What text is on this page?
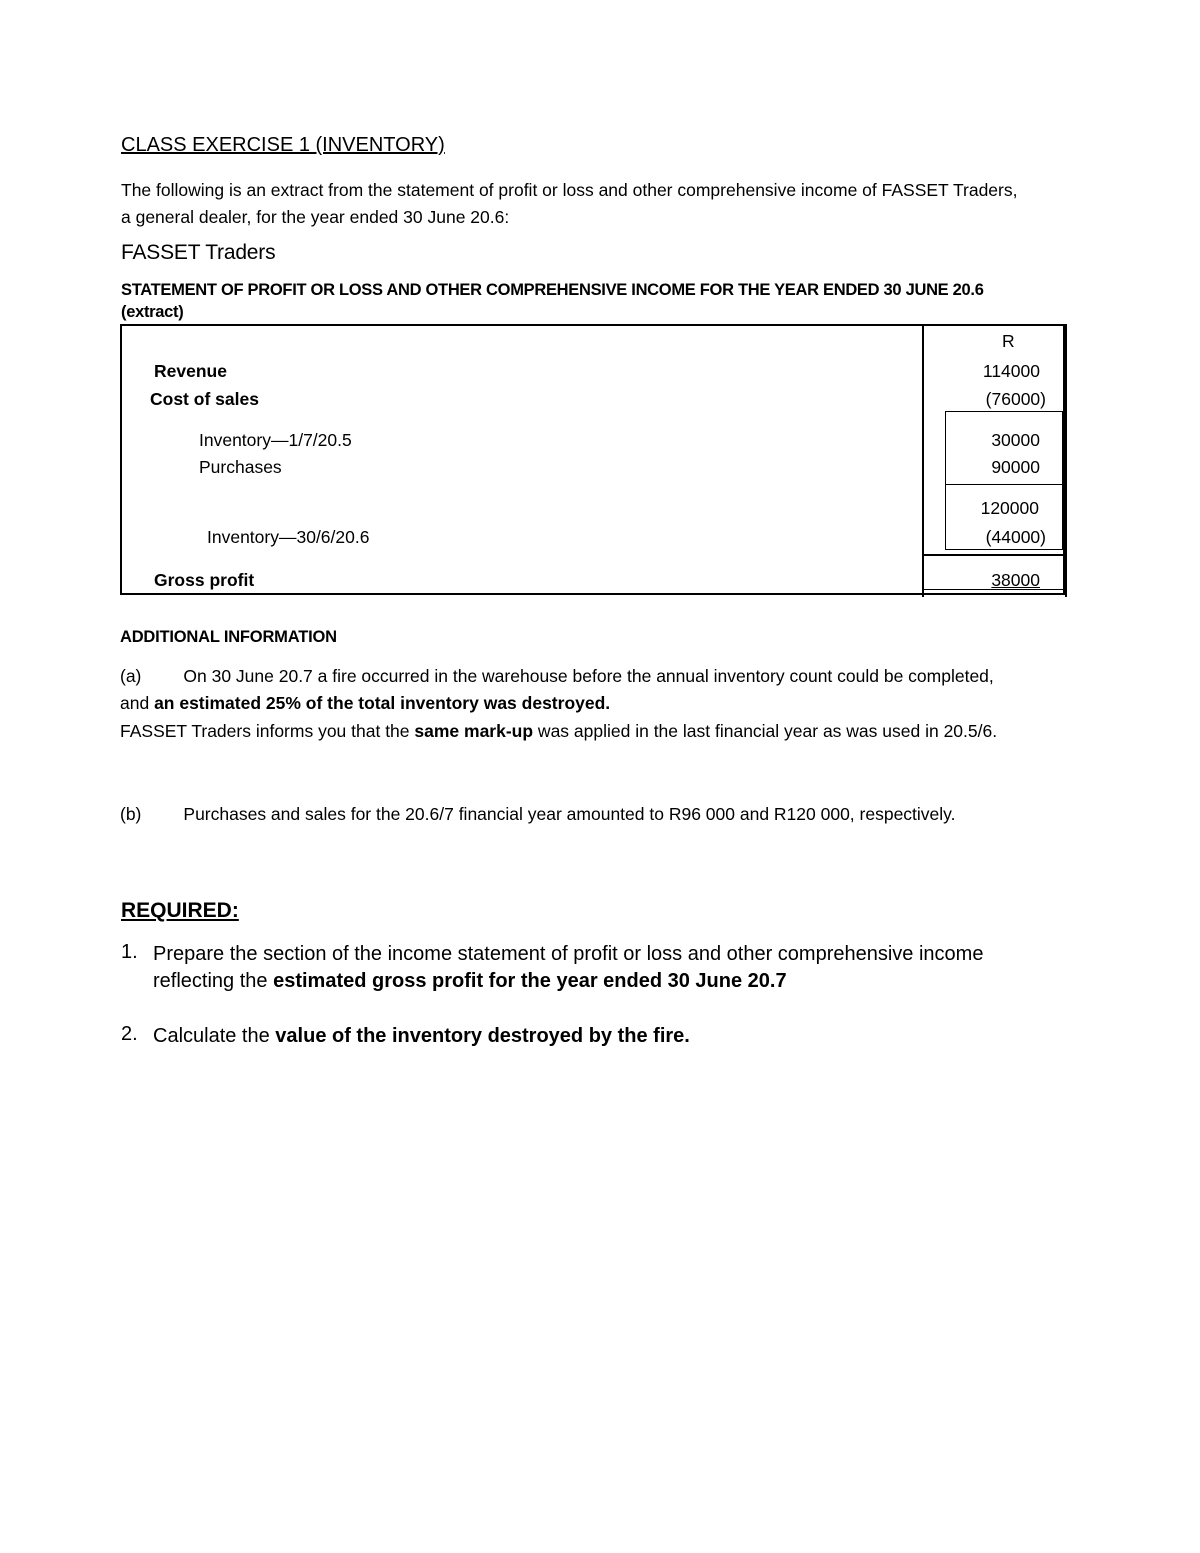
CLASS EXERCISE 1 (INVENTORY)
The following is an extract from the statement of profit or loss and other comprehensive income of FASSET Traders, a general dealer, for the year ended 30 June 20.6:
FASSET Traders
STATEMENT OF PROFIT OR LOSS AND OTHER COMPREHENSIVE INCOME FOR THE YEAR ENDED 30 JUNE 20.6 (extract)
R
Revenue	114000
Cost of sales	(76000)
Inventory—1/7/20.5	30000
Purchases	90000
120000
Inventory—30/6/20.6	(44000)
Gross profit	38000
ADDITIONAL INFORMATION
(a) On 30 June 20.7 a fire occurred in the warehouse before the annual inventory count could be completed, and an estimated 25% of the total inventory was destroyed.
FASSET Traders informs you that the same mark-up was applied in the last financial year as was used in 20.5/6.
(b) Purchases and sales for the 20.6/7 financial year amounted to R96 000 and R120 000, respectively.
REQUIRED:
1. Prepare the section of the income statement of profit or loss and other comprehensive income reflecting the estimated gross profit for the year ended 30 June 20.7
2. Calculate the value of the inventory destroyed by the fire.
